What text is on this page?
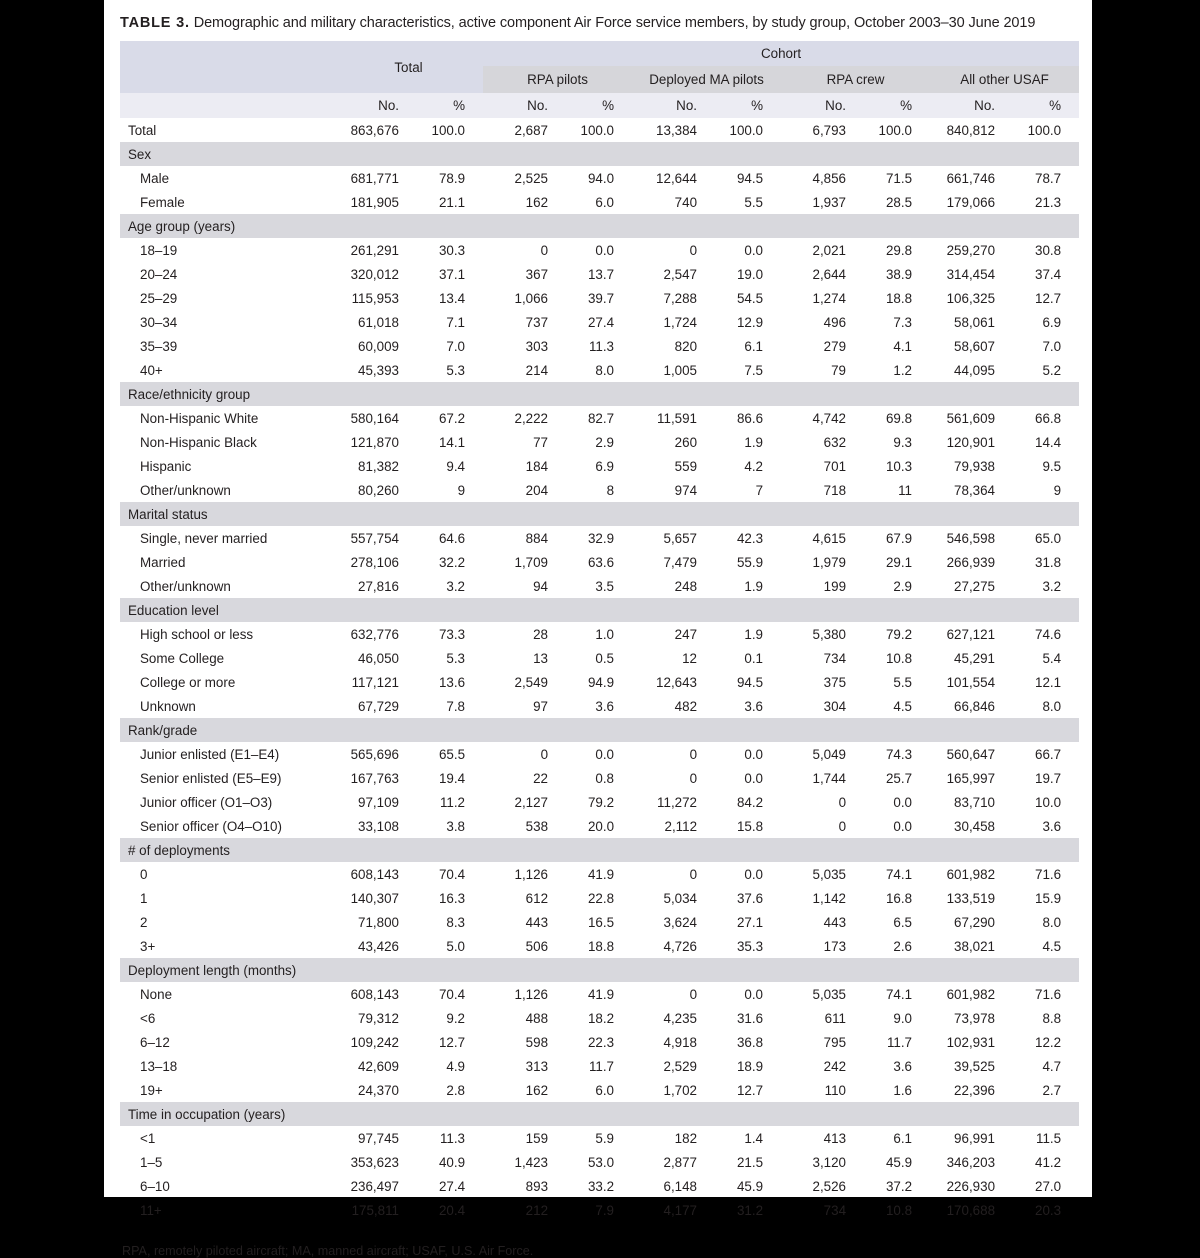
TABLE 3. Demographic and military characteristics, active component Air Force service members, by study group, October 2003–30 June 2019
	Total		Cohort							
			RPA pilots		Deployed MA pilots		RPA crew		All other USAF	
	No.	%	No.	%	No.	%	No.	%	No.	%
Total	863,676	100.0	2,687	100.0	13,384	100.0	6,793	100.0	840,812	100.0
Sex										
Male	681,771	78.9	2,525	94.0	12,644	94.5	4,856	71.5	661,746	78.7
Female	181,905	21.1	162	6.0	740	5.5	1,937	28.5	179,066	21.3
Age group (years)										
18–19	261,291	30.3	0	0.0	0	0.0	2,021	29.8	259,270	30.8
20–24	320,012	37.1	367	13.7	2,547	19.0	2,644	38.9	314,454	37.4
25–29	115,953	13.4	1,066	39.7	7,288	54.5	1,274	18.8	106,325	12.7
30–34	61,018	7.1	737	27.4	1,724	12.9	496	7.3	58,061	6.9
35–39	60,009	7.0	303	11.3	820	6.1	279	4.1	58,607	7.0
40+	45,393	5.3	214	8.0	1,005	7.5	79	1.2	44,095	5.2
Race/ethnicity group										
Non-Hispanic White	580,164	67.2	2,222	82.7	11,591	86.6	4,742	69.8	561,609	66.8
Non-Hispanic Black	121,870	14.1	77	2.9	260	1.9	632	9.3	120,901	14.4
Hispanic	81,382	9.4	184	6.9	559	4.2	701	10.3	79,938	9.5
Other/unknown	80,260	9	204	8	974	7	718	11	78,364	9
Marital status										
Single, never married	557,754	64.6	884	32.9	5,657	42.3	4,615	67.9	546,598	65.0
Married	278,106	32.2	1,709	63.6	7,479	55.9	1,979	29.1	266,939	31.8
Other/unknown	27,816	3.2	94	3.5	248	1.9	199	2.9	27,275	3.2
Education level										
High school or less	632,776	73.3	28	1.0	247	1.9	5,380	79.2	627,121	74.6
Some College	46,050	5.3	13	0.5	12	0.1	734	10.8	45,291	5.4
College or more	117,121	13.6	2,549	94.9	12,643	94.5	375	5.5	101,554	12.1
Unknown	67,729	7.8	97	3.6	482	3.6	304	4.5	66,846	8.0
Rank/grade										
Junior enlisted (E1–E4)	565,696	65.5	0	0.0	0	0.0	5,049	74.3	560,647	66.7
Senior enlisted (E5–E9)	167,763	19.4	22	0.8	0	0.0	1,744	25.7	165,997	19.7
Junior officer (O1–O3)	97,109	11.2	2,127	79.2	11,272	84.2	0	0.0	83,710	10.0
Senior officer (O4–O10)	33,108	3.8	538	20.0	2,112	15.8	0	0.0	30,458	3.6
# of deployments										
0	608,143	70.4	1,126	41.9	0	0.0	5,035	74.1	601,982	71.6
1	140,307	16.3	612	22.8	5,034	37.6	1,142	16.8	133,519	15.9
2	71,800	8.3	443	16.5	3,624	27.1	443	6.5	67,290	8.0
3+	43,426	5.0	506	18.8	4,726	35.3	173	2.6	38,021	4.5
Deployment length (months)										
None	608,143	70.4	1,126	41.9	0	0.0	5,035	74.1	601,982	71.6
<6	79,312	9.2	488	18.2	4,235	31.6	611	9.0	73,978	8.8
6–12	109,242	12.7	598	22.3	4,918	36.8	795	11.7	102,931	12.2
13–18	42,609	4.9	313	11.7	2,529	18.9	242	3.6	39,525	4.7
19+	24,370	2.8	162	6.0	1,702	12.7	110	1.6	22,396	2.7
Time in occupation (years)										
<1	97,745	11.3	159	5.9	182	1.4	413	6.1	96,991	11.5
1–5	353,623	40.9	1,423	53.0	2,877	21.5	3,120	45.9	346,203	41.2
6–10	236,497	27.4	893	33.2	6,148	45.9	2,526	37.2	226,930	27.0
11+	175,811	20.4	212	7.9	4,177	31.2	734	10.8	170,688	20.3
RPA, remotely piloted aircraft; MA, manned aircraft; USAF, U.S. Air Force.
